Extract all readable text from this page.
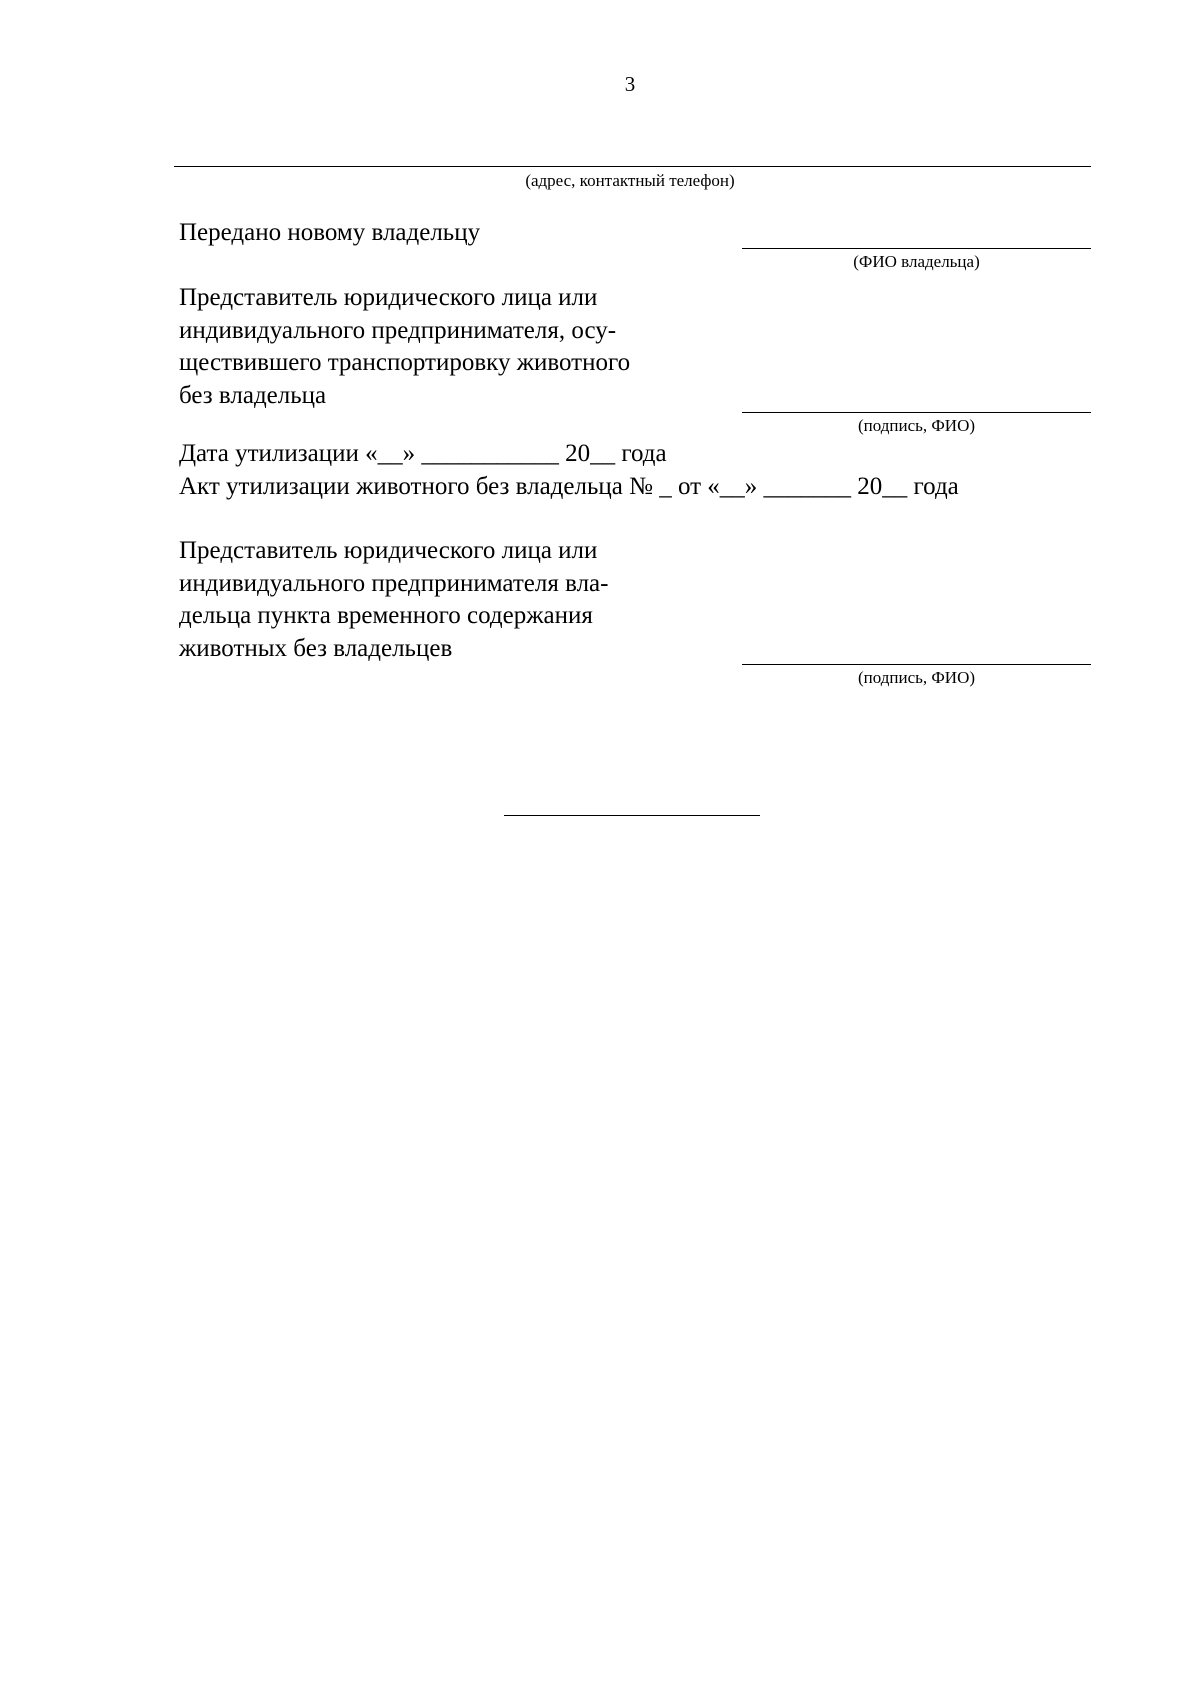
3
(адрес, контактный телефон)
Передано новому владельцу
(ФИО владельца)
Представитель юридического лица или
индивидуального предпринимателя, осу-
ществившего транспортировку животного
без владельца
(подпись, ФИО)
Дата утилизации «__» ___________ 20__ года
Акт утилизации животного без владельца № _ от «__» _______ 20__ года
Представитель юридического лица или
индивидуального предпринимателя вла-
дельца пункта временного содержания
животных без владельцев
(подпись, ФИО)
